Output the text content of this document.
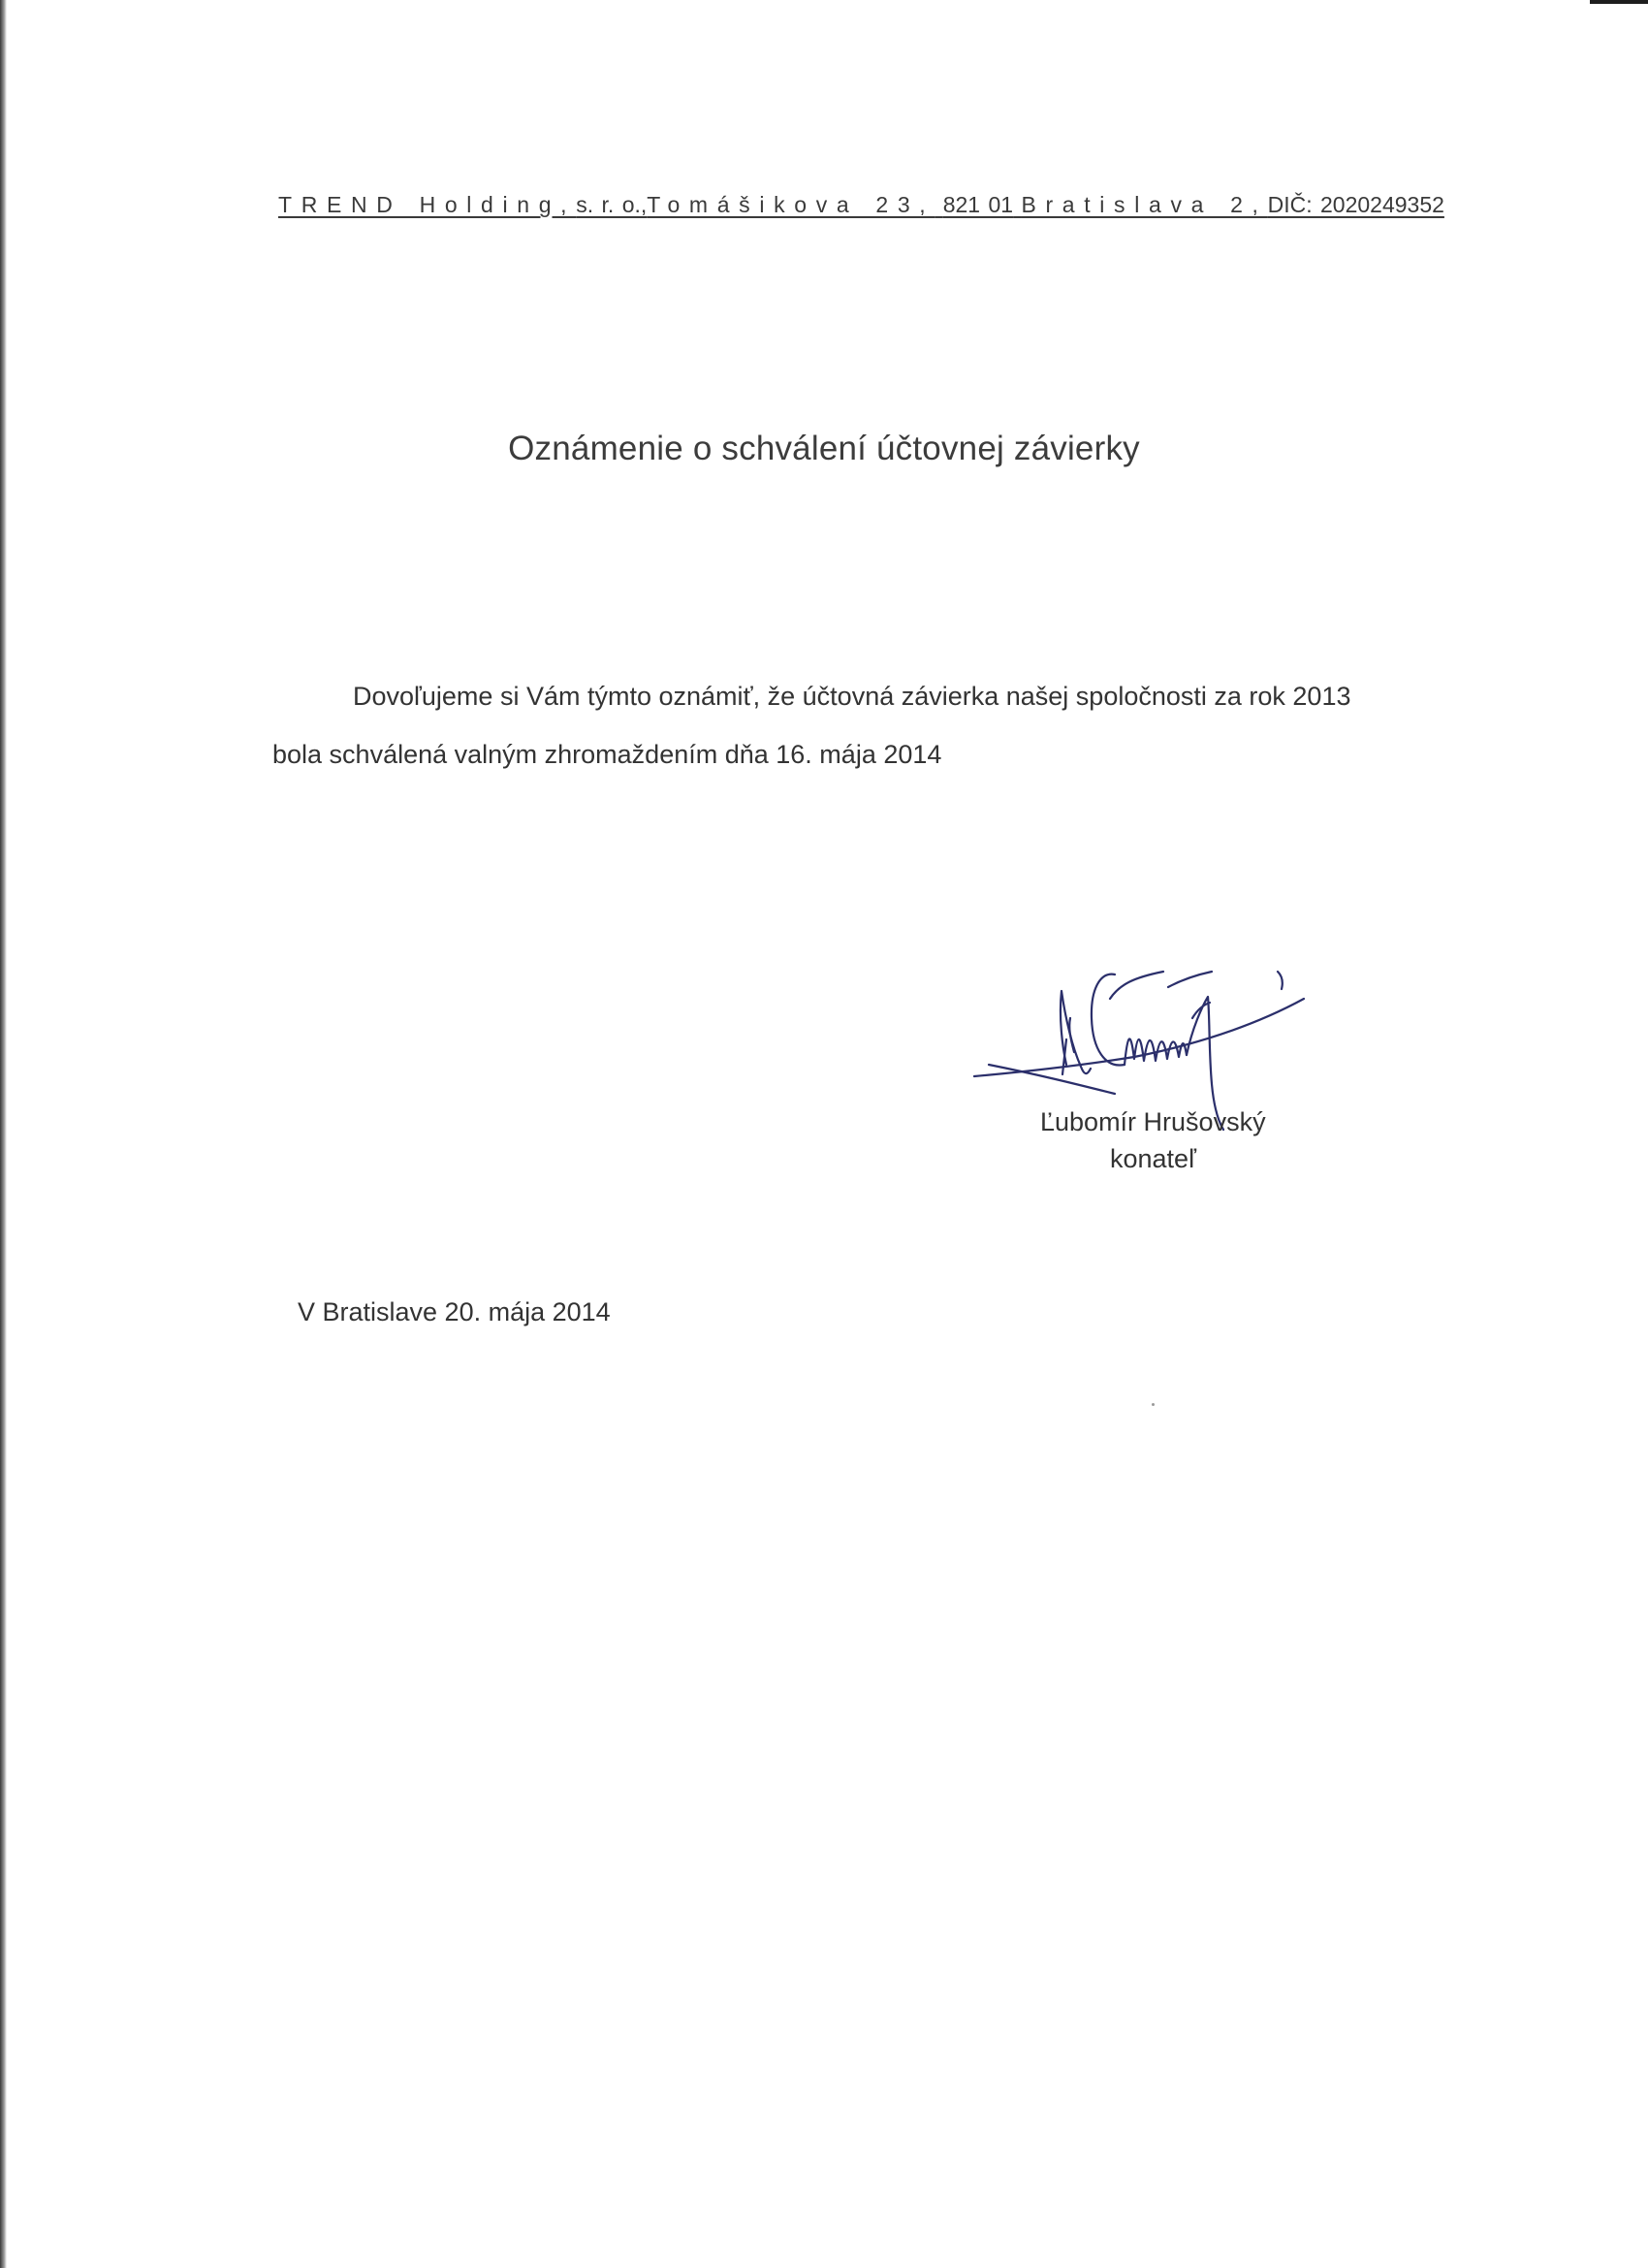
TREND Holding,s. r. o.,Tomášikova 23, 821 01 Bratislava 2,DIČ: 2020249352
Oznámenie o schválení účtovnej závierky
Dovoľujeme si Vám týmto oznámiť, že účtovná závierka našej spoločnosti za rok 2013
bola schválená valným zhromaždením dňa 16. mája 2014
Ľubomír Hrušovský
konateľ
V Bratislave 20. mája 2014
